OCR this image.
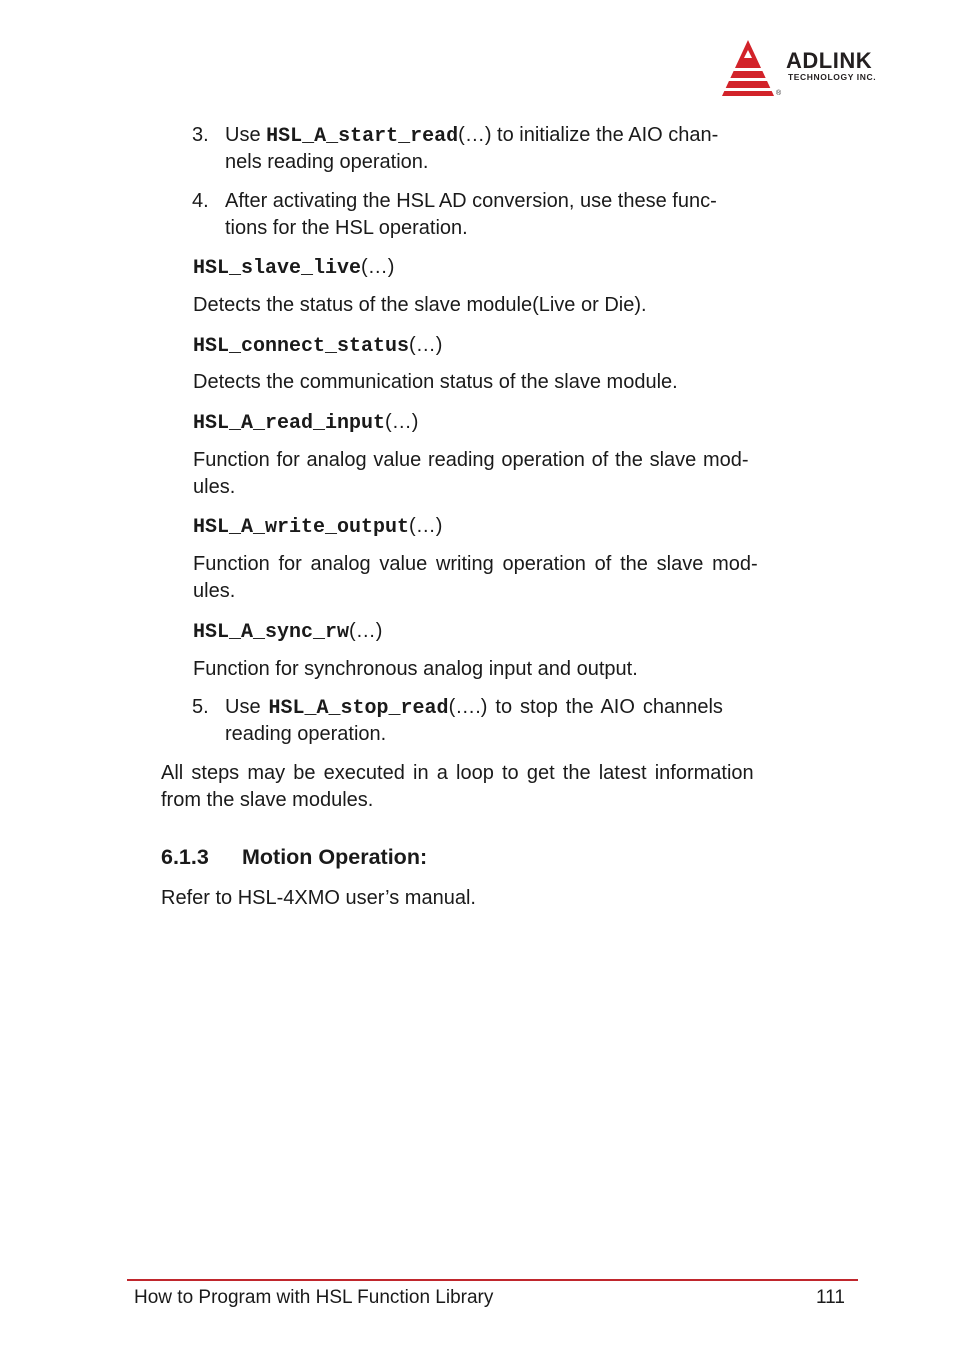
ADLINK
TECHNOLOGY INC.
®
3. Use HSL_A_start_read(…) to initialize the AIO chan-
nels reading operation.
4. After activating the HSL AD conversion, use these func-
tions for the HSL operation.
HSL_slave_live(…)
Detects the status of the slave module(Live or Die).
HSL_connect_status(…)
Detects the communication status of the slave module.
HSL_A_read_input(…)
Function for analog value reading operation of the slave mod-
ules.
HSL_A_write_output(…)
Function for analog value writing operation of the slave mod-
ules.
HSL_A_sync_rw(…)
Function for synchronous analog input and output.
5. Use HSL_A_stop_read(….) to stop the AIO channels
reading operation.
All steps may be executed in a loop to get the latest information
from the slave modules.
6.1.3 Motion Operation:
Refer to HSL-4XMO user’s manual.
How to Program with HSL Function Library	111
